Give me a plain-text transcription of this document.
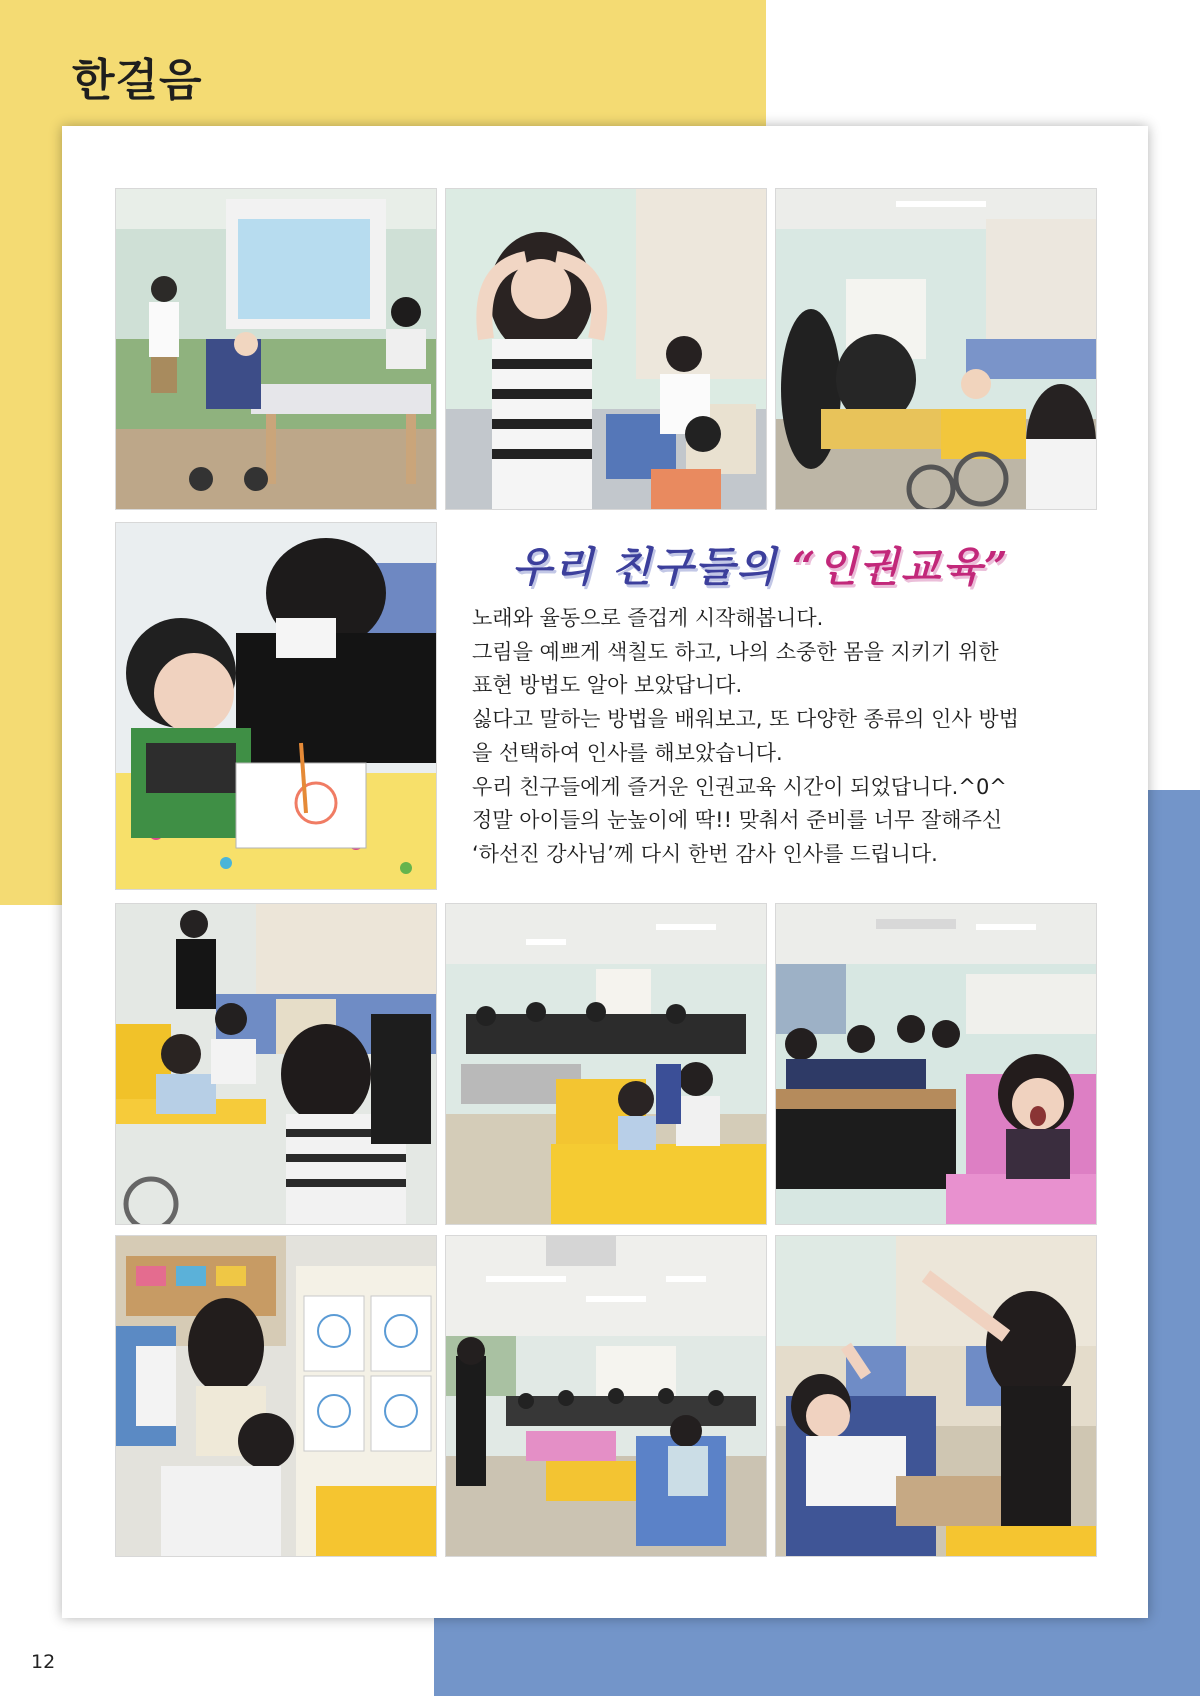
한걸음
우리 친구들의 “인권교육”

노래와 율동으로 즐겁게 시작해봅니다.

그림을 예쁘게 색칠도 하고, 나의 소중한 몸을 지키기 위한

표현 방법도 알아 보았답니다.

싫다고 말하는 방법을 배워보고, 또 다양한 종류의 인사 방법

을 선택하여 인사를 해보았습니다.

우리 친구들에게 즐거운 인권교육 시간이 되었답니다.^0^

정말 아이들의 눈높이에 딱!! 맞춰서 준비를 너무 잘해주신

‘하선진 강사님’께 다시 한번 감사 인사를 드립니다.

12
